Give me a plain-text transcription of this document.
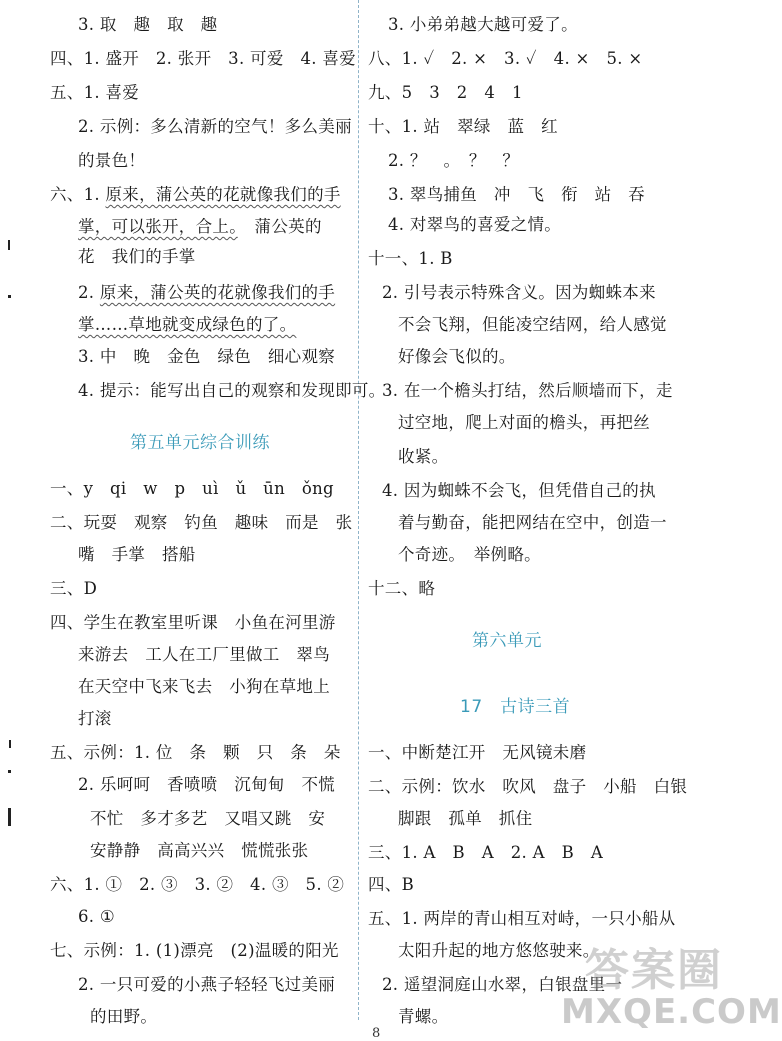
3. 取　趣　取　趣
四、1. 盛开　2. 张开　3. 可爱　4. 喜爱
五、1. 喜爱
2. 示例：多么清新的空气！多么美丽
的景色！
六、1. 原来，蒲公英的花就像我们的手
掌，可以张开，合上。　蒲公英的
花　我们的手掌
2. 原来，蒲公英的花就像我们的手
掌……草地就变成绿色的了。
3. 中　晚　金色　绿色　细心观察
4. 提示：能写出自己的观察和发现即可。
第五单元综合训练
一、y　qi　w　p　uì　ǔ　ūn　ǒng
二、玩耍　观察　钓鱼　趣味　而是　张
嘴　手掌　搭船
三、D
四、学生在教室里听课　小鱼在河里游
来游去　工人在工厂里做工　翠鸟
在天空中飞来飞去　小狗在草地上
打滚
五、示例：1. 位　条　颗　只　条　朵
2. 乐呵呵　香喷喷　沉甸甸　不慌
不忙　多才多艺　又唱又跳　安
安静静　高高兴兴　慌慌张张
六、1. ①　2. ③　3. ②　4. ③　5. ②
6. ①
七、示例：1. (1)漂亮　(2)温暖的阳光
2. 一只可爱的小燕子轻轻飞过美丽
的田野。
3. 小弟弟越大越可爱了。
八、1. ✓　2. ×　3. ✓　4. ×　5. ×
九、5　3　2　4　1
十、1. 站　翠绿　蓝　红
2. ？　。　？　？
3. 翠鸟捕鱼　冲　飞　衔　站　吞
4. 对翠鸟的喜爱之情。
十一、1. B
2. 引号表示特殊含义。因为蜘蛛本来
不会飞翔，但能凌空结网，给人感觉
好像会飞似的。
3. 在一个檐头打结，然后顺墙而下，走
过空地，爬上对面的檐头，再把丝
收紧。
4. 因为蜘蛛不会飞，但凭借自己的执
着与勤奋，能把网结在空中，创造一
个奇迹。　举例略。
十二、略
第六单元
17　古诗三首
一、中断楚江开　无风镜未磨
二、示例：饮水　吹风　盘子　小船　白银
脚跟　孤单　抓住
三、1. A　B　A　2. A　B　A
四、B
五、1. 两岸的青山相互对峙，一只小船从
太阳升起的地方悠悠驶来。
2. 遥望洞庭山水翠，白银盘里一
青螺。
8
答案圈
MXQE.COM
